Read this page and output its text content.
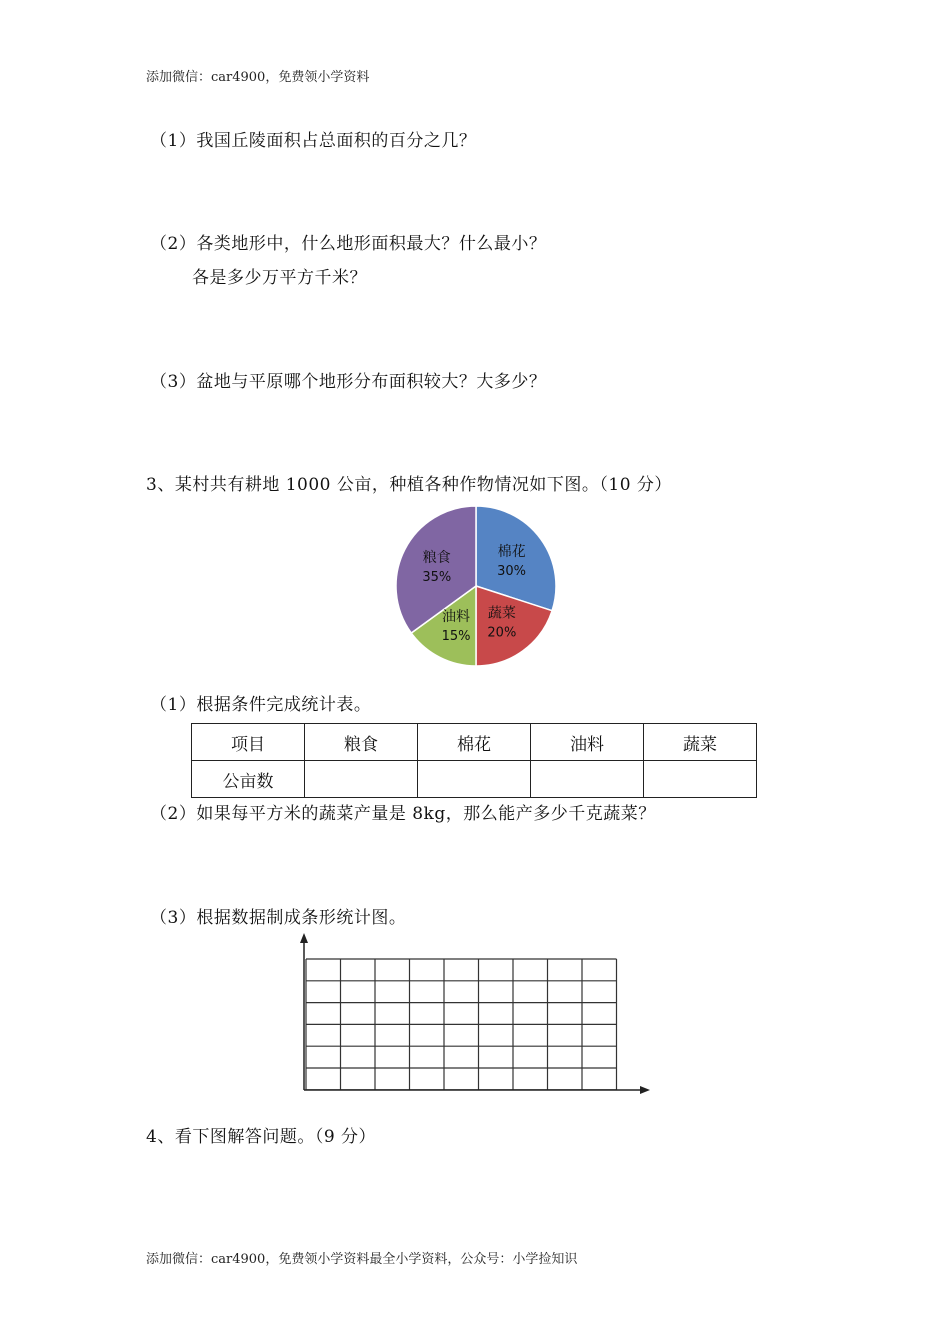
添加微信：car4900，免费领小学资料
（1）我国丘陵面积占总面积的百分之几？
（2）各类地形中，什么地形面积最大？什么最小？
各是多少万平方千米？
（3）盆地与平原哪个地形分布面积较大？大多少？
3、某村共有耕地 1000 公亩，种植各种作物情况如下图。（10 分）
棉花
30%
蔬菜
20%
油料
15%
粮食
35%
（1）根据条件完成统计表。
项目	粮食	棉花	油料	蔬菜
公亩数				
（2）如果每平方米的蔬菜产量是 8kg，那么能产多少千克蔬菜？
（3）根据数据制成条形统计图。
4、看下图解答问题。（9 分）
添加微信：car4900，免费领小学资料最全小学资料，公众号：小学捡知识
